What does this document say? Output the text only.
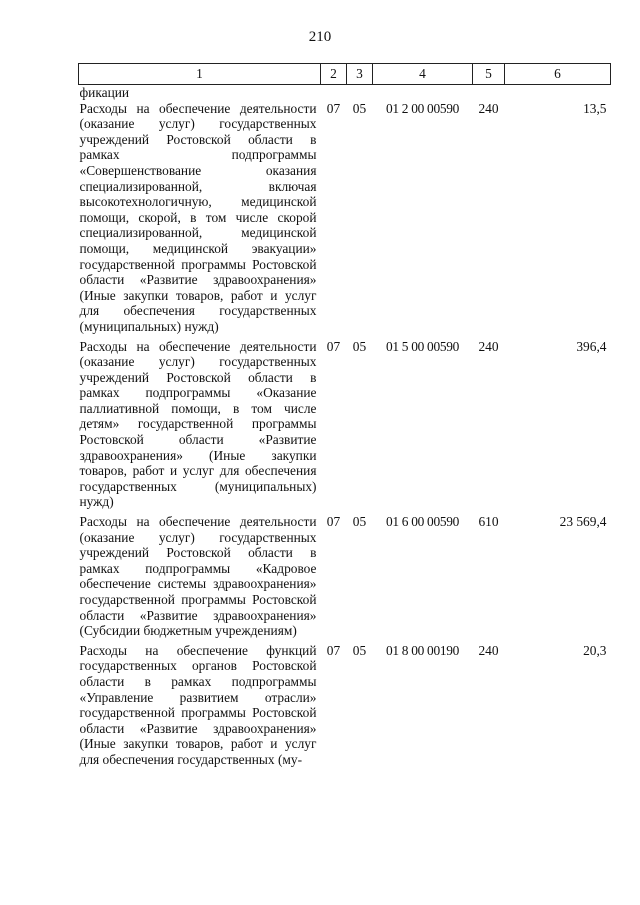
210
1	2	3	4	5	6
фикации					
Расходы на обеспечение деятельности (оказание услуг) государственных учреждений Ростовской области в рамках подпрограммы «Совершенствование оказания специализированной, включая высокотехнологичную, медицинской помощи, скорой, в том числе скорой специализированной, медицинской помощи, медицинской эвакуации» государственной программы Ростовской области «Развитие здравоохранения» (Иные закупки товаров, работ и услуг для обеспечения государственных (муниципальных) нужд)	07	05	01 2 00 00590	240	13,5
Расходы на обеспечение деятельности (оказание услуг) государственных учреждений Ростовской области в рамках подпрограммы «Оказание паллиативной помощи, в том числе детям» государственной программы Ростовской области «Развитие здравоохранения» (Иные закупки товаров, работ и услуг для обеспечения государственных (муниципальных) нужд)	07	05	01 5 00 00590	240	396,4
Расходы на обеспечение деятельности (оказание услуг) государственных учреждений Ростовской области в рамках подпрограммы «Кадровое обеспечение системы здравоохранения» государственной программы Ростовской области «Развитие здравоохранения» (Субсидии бюджетным учреждениям)	07	05	01 6 00 00590	610	23 569,4
Расходы на обеспечение функций государственных органов Ростовской области в рамках подпрограммы «Управление развитием отрасли» государственной программы Ростовской области «Развитие здравоохранения» (Иные закупки товаров, работ и услуг для обеспечения государственных (му-	07	05	01 8 00 00190	240	20,3
